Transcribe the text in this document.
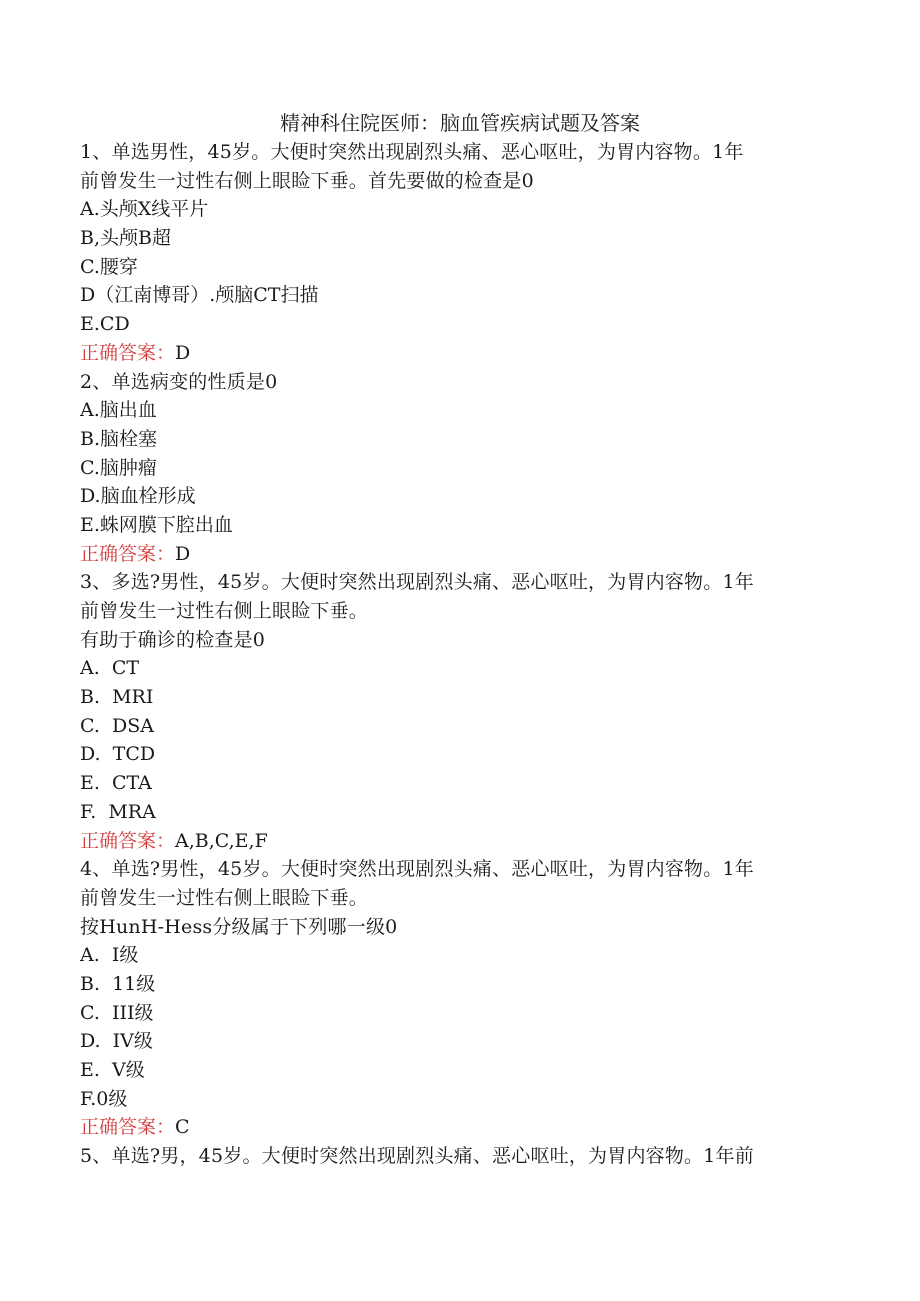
精神科住院医师：脑血管疾病试题及答案
1、单选男性，45岁。大便时突然出现剧烈头痛、恶心呕吐，为胃内容物。1年
前曾发生一过性右侧上眼睑下垂。首先要做的检查是0
A.头颅X线平片
B,头颅B超
C.腰穿
D（江南博哥）.颅脑CT扫描
E.CD
正确答案：D
2、单选病变的性质是0
A.脑出血
B.脑栓塞
C.脑肿瘤
D.脑血栓形成
E.蛛网膜下腔出血
正确答案：D
3、多选?男性，45岁。大便时突然出现剧烈头痛、恶心呕吐，为胃内容物。1年
前曾发生一过性右侧上眼睑下垂。
有助于确诊的检查是0
A.  CT
B.  MRI
C.  DSA
D.  TCD
E.  CTA
F.  MRA
正确答案：A,B,C,E,F
4、单选?男性，45岁。大便时突然出现剧烈头痛、恶心呕吐，为胃内容物。1年
前曾发生一过性右侧上眼睑下垂。
按HunH-Hess分级属于下列哪一级0
A.  I级
B.  11级
C.  III级
D.  IV级
E.  V级
F.0级
正确答案：C
5、单选?男，45岁。大便时突然出现剧烈头痛、恶心呕吐，为胃内容物。1年前
